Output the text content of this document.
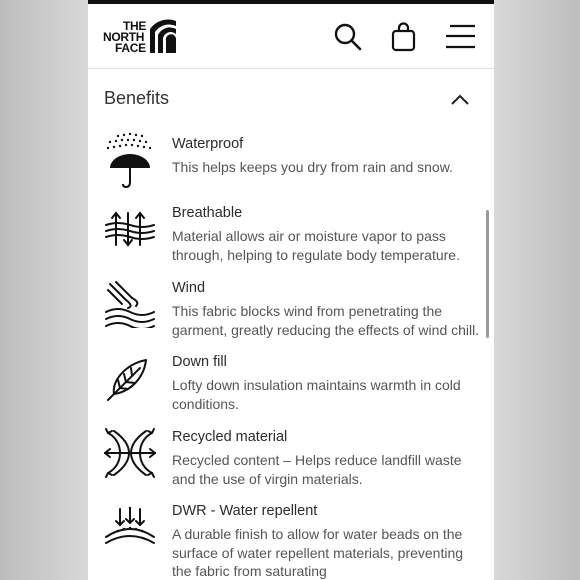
THE
NORTH
FACE
Benefits
Waterproof
This helps keeps you dry from rain and snow.
Breathable
Material allows air or moisture vapor to pass
through, helping to regulate body temperature.
Wind
This fabric blocks wind from penetrating the
garment, greatly reducing the effects of wind chill.
Down fill
Lofty down insulation maintains warmth in cold
conditions.
Recycled material
Recycled content – Helps reduce landfill waste
and the use of virgin materials.
DWR - Water repellent
A durable finish to allow for water beads on the
surface of water repellent materials, preventing
the fabric from saturating
